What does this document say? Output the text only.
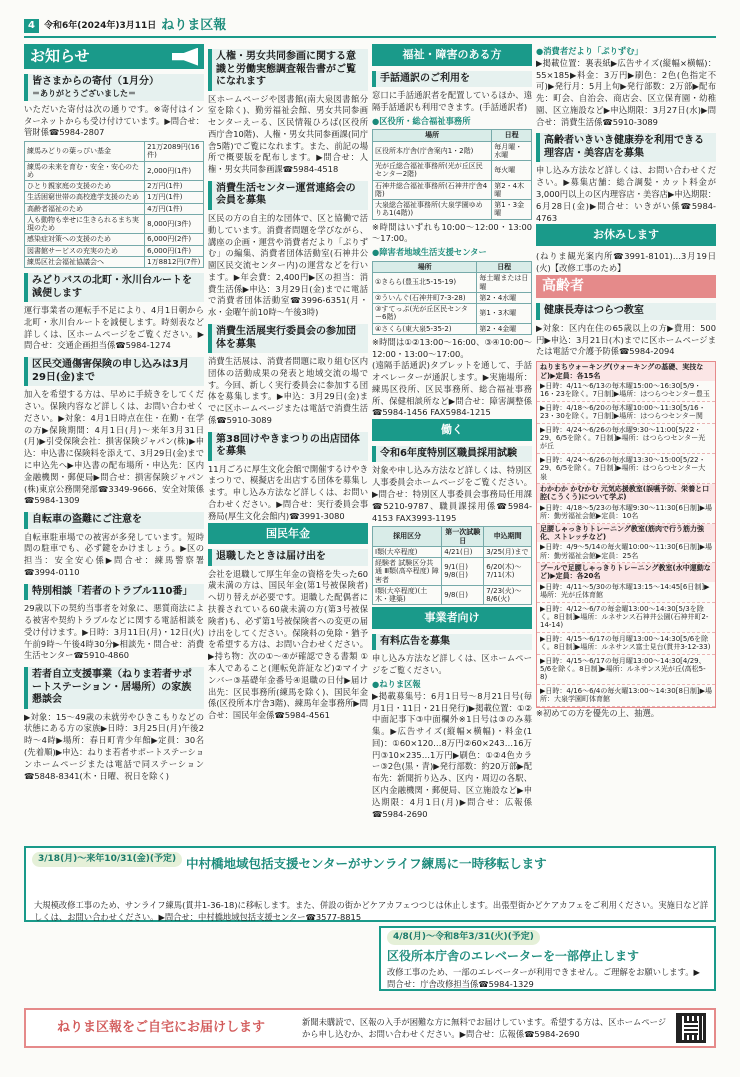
4	令和6年(2024年)3月11日 ねりま区報
お知らせ
皆さまからの寄付（1月分）
＝ありがとうございました＝

いただいた寄付は次の通りです。※寄付はインターネットからも受け付けています。▶問合せ：管財係☎5984-2807

練馬みどりの葉っぴい基金	21万2089円(16件)
練馬の未来を育む・安全・安心のため	2,000円(1件)
ひとり親家庭の支援のため	2万円(1件)
生活困窮世帯の高校進学支援のため	1万円(1件)
高齢者福祉のため	4万円(1件)
人も動物も幸せに生きられるまち実現のため	8,000円(3件)
感染症対策への支援のため	6,000円(2件)
図書館サービスの充実のため	6,000円(1件)
練馬区社会福祉協議会へ	1万8812円(7件)
みどりバスの北町・氷川台ルートを減便します

運行事業者の運転手不足により、4月1日朝から北町・氷川台ルートを減便します。時刻表など詳しくは、区ホームページをご覧ください。▶問合せ：交通企画担当係☎5984-1274

区民交通傷害保険の申し込みは3月29日(金)まで

加入を希望する方は、早めに手続きをしてください。保険内容など詳しくは、お問い合わせください。▶対象：4月1日時点在住・在勤・在学の方▶保険期間：4月1日(月)～来年3月31日(月)▶引受保険会社：損害保険ジャパン(株)▶申込：申込書に保険料を添えて、3月29日(金)までに申込先へ▶申込書の配布場所・申込先：区内金融機関・郵便局▶問合せ：損害保険ジャパン(株)東京公務開発部☎3349-9666、安全対策係☎5984-1309

自転車の盗難にご注意を

自転車駐車場での被害が多発しています。短時間の駐車でも、必ず鍵をかけましょう。▶区の担当：安全安心係▶問合せ：練馬警察署☎3994-0110

特別相談「若者のトラブル110番」

29歳以下の契約当事者を対象に、悪質商法による被害や契約トラブルなどに関する電話相談を受け付けます。▶日時：3月11日(月)・12日(火)午前9時～午後4時30分▶相談先・問合せ：消費生活センター☎5910-4860

若者自立支援事業（ねりま若者サポートステーション・居場所）の家族懇談会

▶対象：15～49歳の未就労やひきこもりなどの状態にある方の家族▶日時：3月25日(月)午後2時～4時▶場所：春日町青少年館▶定員：30名(先着順)▶申込：ねりま若者サポートステーションホームページまたは電話で同ステーション☎5848-8341(木・日曜、祝日を除く)

人権・男女共同参画に関する意識と労働実態調査報告書がご覧になれます

区ホームページや図書館(南大泉図書館分室を除く)、勤労福祉会館、男女共同参画センターえーる、区民情報ひろば(区役所西庁舎10階)、人権・男女共同参画課(同庁舎5階)でご覧になれます。また、前記の場所で概要版を配布します。▶問合せ：人権・男女共同参画課☎5984-4518

消費生活センター運営連絡会の会員を募集

区民の方の自主的な団体で、区と協働で活動しています。消費者問題を学びながら、講座の企画・運営や消費者だより「ぷりずむ」の編集、消費者団体活動室(石神井公園区民交流センター内)の運営などを行います。▶年会費：2,400円▶区の担当：消費生活係▶申込：3月29日(金)までに電話で消費者団体活動室☎3996-6351(月・水・金曜午前10時～午後3時)

消費生活展実行委員会の参加団体を募集

消費生活展は、消費者問題に取り組む区内団体の活動成果の発表と地域交流の場です。今回、新しく実行委員会に参加する団体を募集します。▶申込：3月29日(金)までに区ホームページまたは電話で消費生活係☎5910-3089

第38回けやきまつりの出店団体を募集

11月ごろに厚生文化会館で開催するけやきまつりで、模擬店を出店する団体を募集します。申し込み方法など詳しくは、お問い合わせください。▶問合せ：実行委員会事務局(厚生文化会館内)☎3991-3080

国民年金
退職したときは届け出を

会社を退職して厚生年金の資格を失った60歳未満の方は、国民年金(第1号被保険者)へ切り替えが必要です。退職した配偶者に扶養されている60歳未満の方(第3号被保険者)も、必ず第1号被保険者への変更の届け出をしてください。保険料の免除・猶予を希望する方は、お問い合わせください。▶持ち物：次の①～④が確認できる書類 ①本人であること(運転免許証など)②マイナンバー③基礎年金番号④退職の日付▶届け出先：区民事務所(練馬を除く)、国民年金係(区役所本庁舎3階)、練馬年金事務所▶問合せ：国民年金係☎5984-4561

福祉・障害のある方
手話通訳のご利用を

窓口に手話通訳者を配置しているほか、遠隔手話通訳も利用できます。(手話通訳者)

●区役所・総合福祉事務所
場所	日程
区役所本庁舎(庁舎案内1・2階)	毎月曜・水曜
光が丘総合福祉事務所(光が丘区民センター2階)	毎火曜
石神井総合福祉事務所(石神井庁舎4階)	第2・4木曜
大泉総合福祉事務所(大泉学園ゆめりあ1(4階))	第1・3金曜

※時間はいずれも10:00～12:00・13:00～17:00。

●障害者地域生活支援センター
場所	日程
①きらら(豊玉北5-15-19)	毎土曜または日曜
②ういんぐ(石神井町7-3-28)	第2・4水曜
③すてっぷ(光が丘区民センター6階)	第1・3木曜
④さくら(東大泉5-35-2)	第2・4金曜

※時間は①②13:00～16:00、③④10:00～12:00・13:00～17:00。

(遠隔手話通訳)タブレットを通して、手話オペレーターが通訳します。▶実施場所：練馬区役所、区民事務所、総合福祉事務所、保健相談所など▶問合せ：障害調整係☎5984-1456 FAX5984-1215

働く
令和6年度特別区職員採用試験

対象や申し込み方法など詳しくは、特別区人事委員会ホームページをご覧ください。▶問合せ：特別区人事委員会事務局任用課☎5210-9787、職員課採用係☎5984-4153 FAX3993-1195

採用区分	第一次試験日	申込期間
Ⅰ類(大卒程度)	4/21(日)	3/25(月)まで
経験者 試験区分共通 Ⅲ類(高卒程度) 障害者	9/1(日) 9/8(日)	6/20(木)～7/11(木)
Ⅰ類(大卒程度)(土木・建築)	9/8(日)	7/23(火)～8/6(火)
事業者向け
有料広告を募集

申し込み方法など詳しくは、区ホームページをご覧ください。

●ねりま区報

▶掲載募集号：6月1日号～8月21日号(毎月1日・11日・21日発行)▶掲載位置：①②中面記事下③中面欄外※1日号は③のみ募集。▶広告サイズ(縦幅×横幅)・料金(1回)：①60×120…8万円②60×243…16万円③10×235…1万円▶刷色：①②4色カラー③2色(黒・青)▶発行部数：約20万部▶配布先：新聞折り込み、区内・周辺の各駅、区内金融機関・郵便局、区立施設など▶申込期限：4月1日(月)▶問合せ：広報係☎5984-2690

●消費者だより「ぷりずむ」

▶掲載位置：裏表紙▶広告サイズ(縦幅×横幅)：55×185▶料金：3万円▶刷色：2色(色指定不可)▶発行月：5月上旬▶発行部数：2万部▶配布先：町会、自治会、商店会、区立保育園・幼稚園、区立施設など▶申込期限：3月27日(水)▶問合せ：消費生活係☎5910-3089

高齢者いきいき健康券を利用できる理容店・美容店を募集

申し込み方法など詳しくは、お問い合わせください。▶募集店舗：総合調髪・カット料金が3,000円以上の区内理容店・美容店▶申込期限：6月28日(金)▶問合せ：いきがい係☎5984-4763

お休みします

(ねりま観光案内所☎3991-8101)…3月19日(火)【改修工事のため】

高齢者
健康長寿はつらつ教室

▶対象：区内在住の65歳以上の方▶費用：500円▶申込：3月21日(木)までに区ホームページまたは電話で介護予防係☎5984-2094

ねりまちウォーキング(ウォーキングの基礎、実技など)▶定員：各15名
▶日時：4/11～6/13の毎木曜15:00～16:30[5/9・16・23を除く。7日制]▶場所：はつらつセンター豊玉
▶日時：4/18～6/20の毎木曜10:00～11:30[5/16・23・30を除く。7日制]▶場所：はつらつセンター関
▶日時：4/24～6/26の毎水曜9:30～11:00[5/22・29、6/5を除く。7日制]▶場所：はつらつセンター光が丘
▶日時：4/24～6/26の毎水曜13:30～15:00[5/22・29、6/5を除く。7日制]▶場所：はつらつセンター大泉
わかわか かむかむ 元気応援教室(誤嚥予防、栄養と口腔(こうくう)について学ぶ)
▶日時：4/18～5/23の毎木曜9:30～11:30[6日制]▶場所：勤労福祉会館▶定員：10名
足腰しゃっきりトレーニング教室(筋肉で行う筋力強化、ストレッチなど)
▶日時：4/9～5/14の毎火曜10:00～11:30[6日制]▶場所：勤労福祉会館▶定員：25名
プールで足腰しゃっきりトレーニング教室(水中運動など)▶定員：各20名
▶日時：4/11～5/30の毎木曜13:15～14:45[6日制]▶場所：光が丘体育館
▶日時：4/12～6/7の毎金曜13:00～14:30[5/3を除く。8日制]▶場所：ルネサンス石神井公園(石神井町2-14-14)
▶日時：4/15～6/17の毎月曜13:00～14:30[5/6を除く。8日制]▶場所：ルネサンス富士見台(貫井3-12-33)
▶日時：4/15～6/17の毎月曜13:00～14:30[4/29、5/6を除く。8日制]▶場所：ルネサンス光が丘(高松5-8)
▶日時：4/16～6/4の毎火曜13:00～14:30[8日制]▶場所：大泉学園町体育館

※初めての方を優先の上、抽選。

3/18(月)～来年10/31(金)(予定) 中村橋地域包括支援センターがサンライフ練馬に一時移転します

大規模改修工事のため、サンライフ練馬(貫井1-36-18)に移転します。また、併設の街かどケアカフェつつじは休止します。出張型街かどケアカフェをご利用ください。実施日など詳しくは、お問い合わせください。▶問合せ：中村橋地域包括支援センター☎3577-8815

4/8(月)～令和8年3/31(火)(予定)
区役所本庁舎のエレベーターを一部停止します

改修工事のため、一部のエレベーターが利用できません。ご理解をお願いします。▶問合せ：庁舎改修担当係☎5984-1329

ねりま区報をご自宅にお届けします	新聞未購読で、区報の入手が困難な方に無料でお届けしています。希望する方は、区ホームページから申し込むか、お問い合わせください。▶問合せ：広報係☎5984-2690
